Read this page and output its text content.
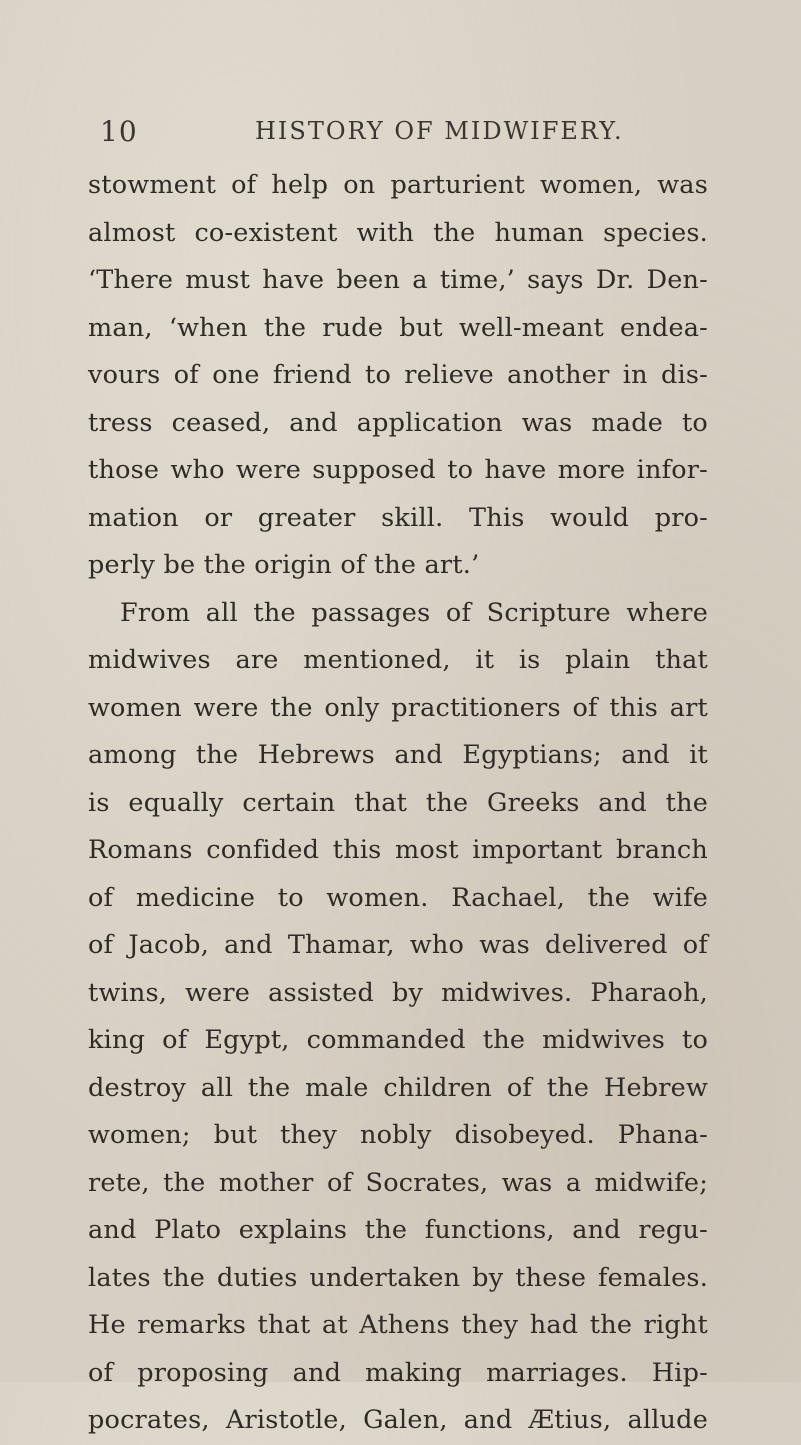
10	HISTORY OF MIDWIFERY.
stowment of help on parturient women, was
almost co-existent with the human species.
‘There must have been a time,’ says Dr. Den-
man, ‘when the rude but well-meant endea-
vours of one friend to relieve another in dis-
tress ceased, and application was made to
those who were supposed to have more infor-
mation or greater skill. This would pro-
perly be the origin of the art.’
From all the passages of Scripture where
midwives are mentioned, it is plain that
women were the only practitioners of this art
among the Hebrews and Egyptians; and it
is equally certain that the Greeks and the
Romans confided this most important branch
of medicine to women. Rachael, the wife
of Jacob, and Thamar, who was delivered of
twins, were assisted by midwives. Pharaoh,
king of Egypt, commanded the midwives to
destroy all the male children of the Hebrew
women; but they nobly disobeyed. Phana-
rete, the mother of Socrates, was a midwife;
and Plato explains the functions, and regu-
lates the duties undertaken by these females.
He remarks that at Athens they had the right
of proposing and making marriages. Hip-
pocrates, Aristotle, Galen, and Ætius, allude
